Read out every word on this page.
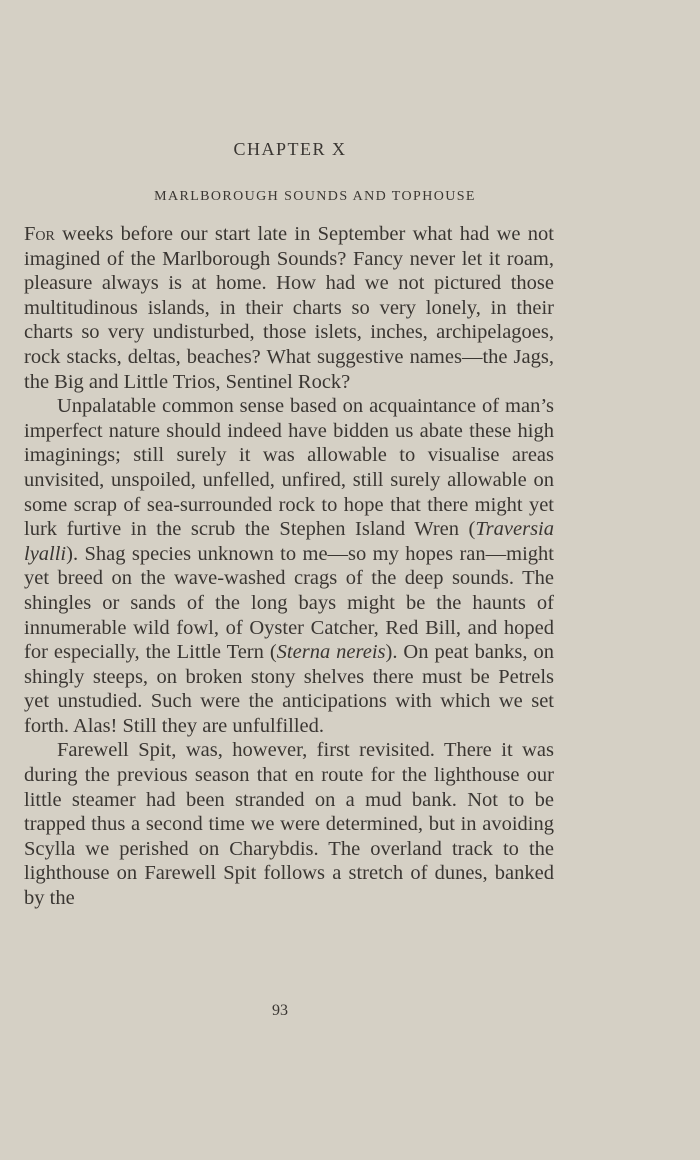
CHAPTER X
MARLBOROUGH SOUNDS AND TOPHOUSE

For weeks before our start late in September what had we not imagined of the Marlborough Sounds? Fancy never let it roam, pleasure always is at home. How had we not pictured those multitudinous islands, in their charts so very lonely, in their charts so very undisturbed, those islets, inches, archipelagoes, rock stacks, deltas, beaches? What suggestive names—the Jags, the Big and Little Trios, Sentinel Rock?

Unpalatable common sense based on acquaintance of man’s imperfect nature should indeed have bidden us abate these high imaginings; still surely it was allowable to visualise areas unvisited, unspoiled, unfelled, unfired, still surely allowable on some scrap of sea-surrounded rock to hope that there might yet lurk furtive in the scrub the Stephen Island Wren (Traversia lyalli). Shag species unknown to me—so my hopes ran—might yet breed on the wave-washed crags of the deep sounds. The shingles or sands of the long bays might be the haunts of innumerable wild fowl, of Oyster Catcher, Red Bill, and hoped for especially, the Little Tern (Sterna nereis). On peat banks, on shingly steeps, on broken stony shelves there must be Petrels yet unstudied. Such were the anticipations with which we set forth. Alas! Still they are unfulfilled.

Farewell Spit, was, however, first revisited. There it was during the previous season that en route for the lighthouse our little steamer had been stranded on a mud bank. Not to be trapped thus a second time we were determined, but in avoiding Scylla we perished on Charybdis. The overland track to the lighthouse on Farewell Spit follows a stretch of dunes, banked by the

93
